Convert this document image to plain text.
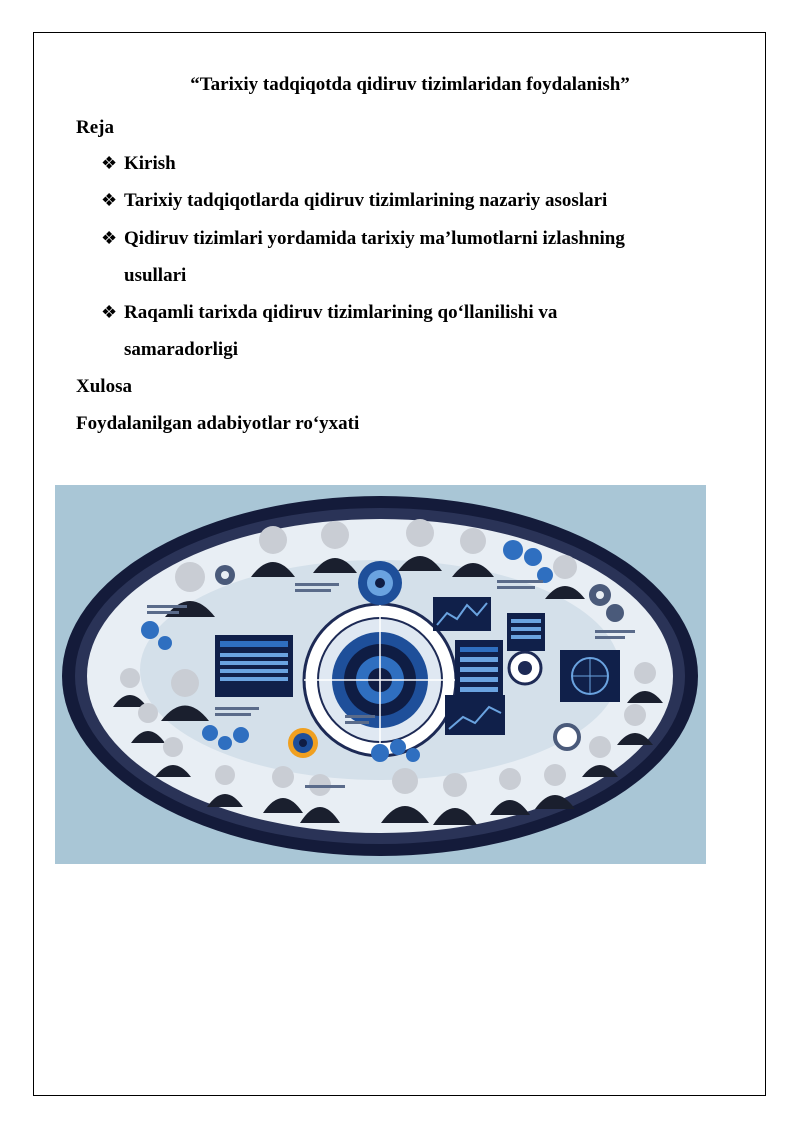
“Tarixiy tadqiqotda qidiruv tizimlaridan foydalanish”
Reja
❖ Kirish
❖ Tarixiy tadqiqotlarda qidiruv tizimlarining nazariy asoslari
❖ Qidiruv tizimlari yordamida tarixiy ma’lumotlarni izlashning
usullari
❖ Raqamli tarixda qidiruv tizimlarining qo‘llanilishi va
samaradorligi
Xulosa
Foydalanilgan adabiyotlar ro‘yxati
